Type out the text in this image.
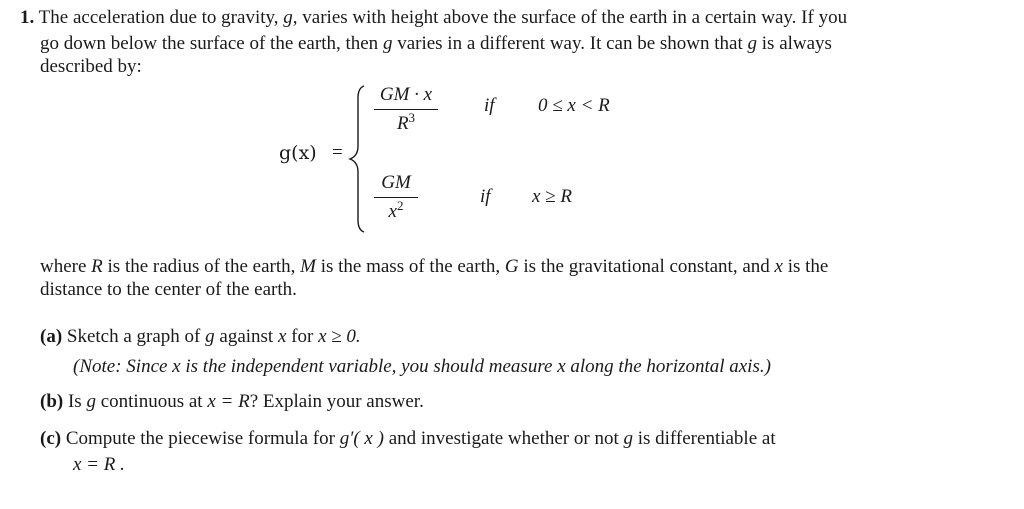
1. The acceleration due to gravity, g, varies with height above the surface of the earth in a certain way. If you
go down below the surface of the earth, then g varies in a different way. It can be shown that g is always
described by:
g(x) =
GM · x
$R^3$
if 0 ≤ x < R
GM
$x^2$	if x ≥ R
where R is the radius of the earth, M is the mass of the earth, G is the gravitational constant, and x is the
distance to the center of the earth.
(a) Sketch a graph of g against x for x ≥ 0.
(Note: Since x is the independent variable, you should measure x along the horizontal axis.)
(b) Is g continuous at x = R? Explain your answer.
(c) Compute the piecewise formula for g′( x ) and investigate whether or not g is differentiable at
x = R .
